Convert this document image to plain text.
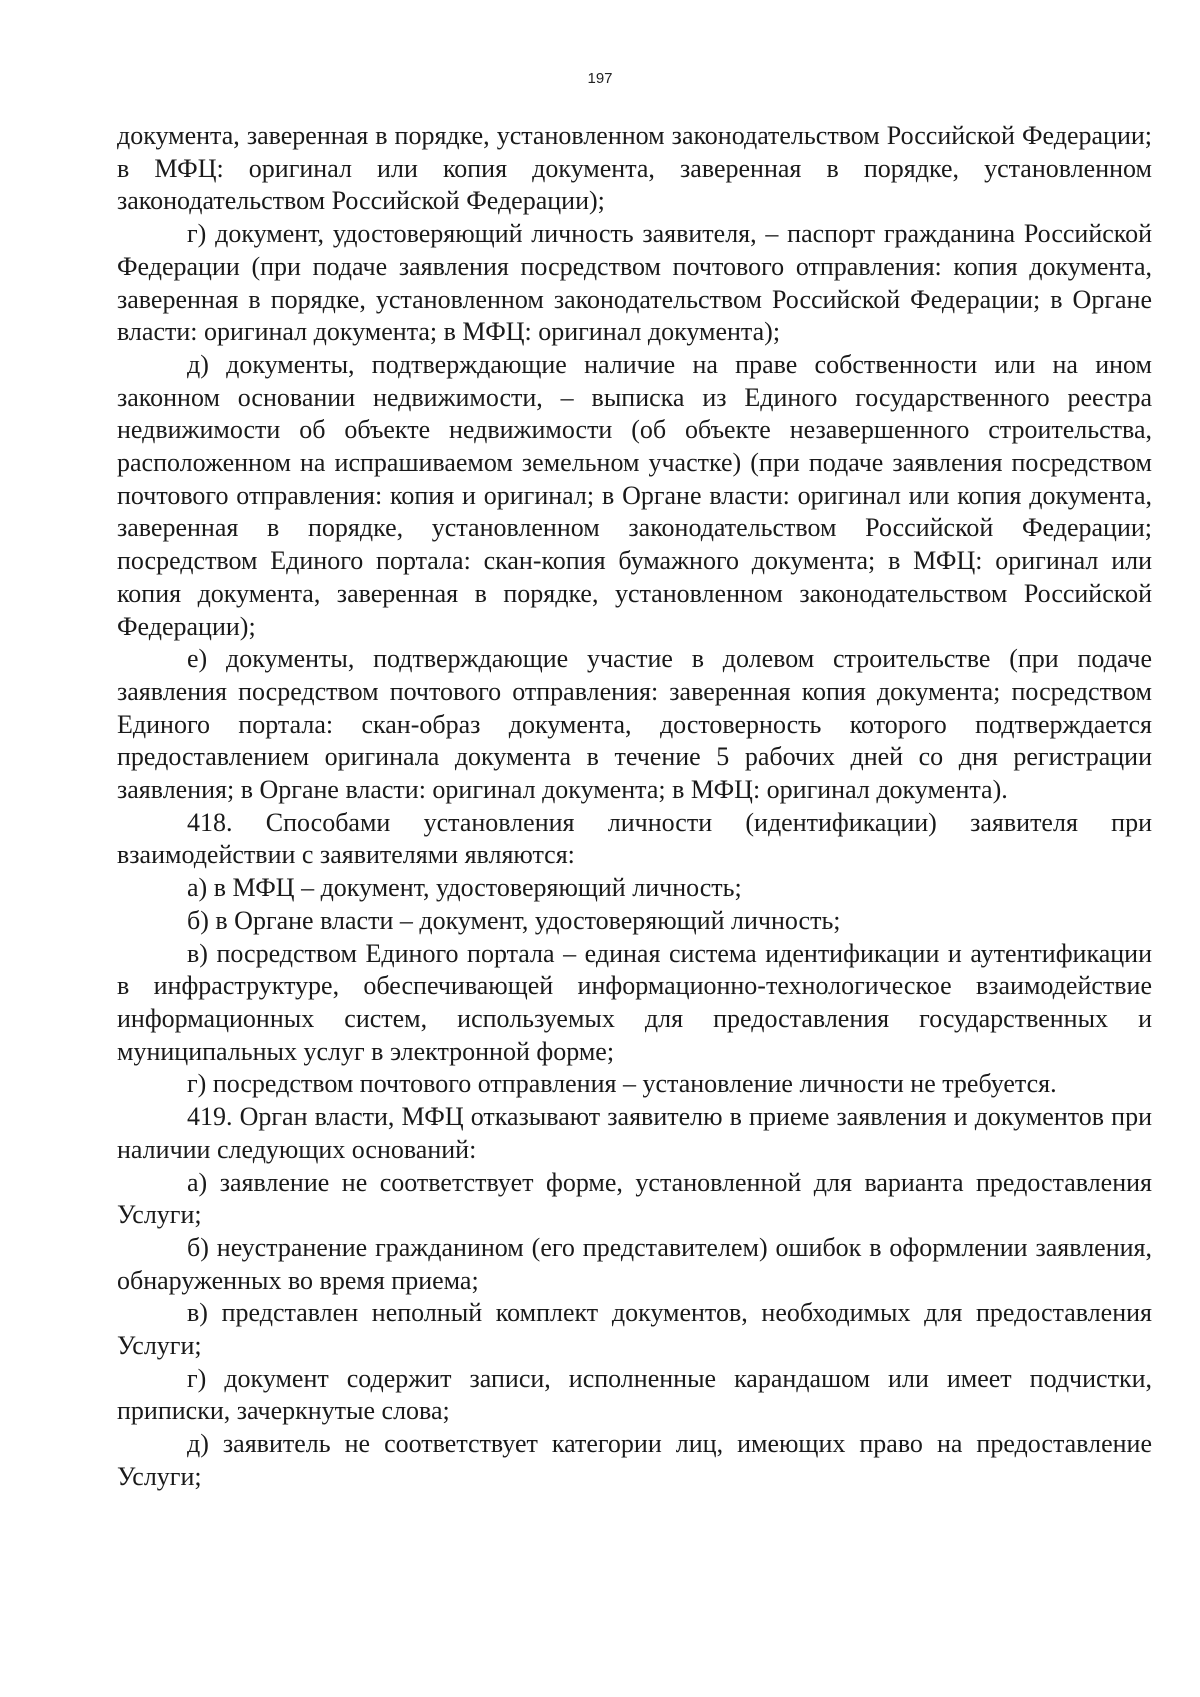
197

документа, заверенная в порядке, установленном законодательством Российской Федерации; в МФЦ: оригинал или копия документа, заверенная в порядке, установленном законодательством Российской Федерации);

г) документ, удостоверяющий личность заявителя, – паспорт гражданина Российской Федерации (при подаче заявления посредством почтового отправления: копия документа, заверенная в порядке, установленном законодательством Российской Федерации; в Органе власти: оригинал документа; в МФЦ: оригинал документа);

д) документы, подтверждающие наличие на праве собственности или на ином законном основании недвижимости, – выписка из Единого государственного реестра недвижимости об объекте недвижимости (об объекте незавершенного строительства, расположенном на испрашиваемом земельном участке) (при подаче заявления посредством почтового отправления: копия и оригинал; в Органе власти: оригинал или копия документа, заверенная в порядке, установленном законодательством Российской Федерации; посредством Единого портала: скан-копия бумажного документа; в МФЦ: оригинал или копия документа, заверенная в порядке, установленном законодательством Российской Федерации);

е) документы, подтверждающие участие в долевом строительстве (при подаче заявления посредством почтового отправления: заверенная копия документа; посредством Единого портала: скан-образ документа, достоверность которого подтверждается предоставлением оригинала документа в течение 5 рабочих дней со дня регистрации заявления; в Органе власти: оригинал документа; в МФЦ: оригинал документа).

418. Способами установления личности (идентификации) заявителя при взаимодействии с заявителями являются:

а) в МФЦ – документ, удостоверяющий личность;

б) в Органе власти – документ, удостоверяющий личность;

в) посредством Единого портала – единая система идентификации и аутентификации в инфраструктуре, обеспечивающей информационно-технологическое взаимодействие информационных систем, используемых для предоставления государственных и муниципальных услуг в электронной форме;

г) посредством почтового отправления – установление личности не требуется.

419. Орган власти, МФЦ отказывают заявителю в приеме заявления и документов при наличии следующих оснований:

а) заявление не соответствует форме, установленной для варианта предоставления Услуги;

б) неустранение гражданином (его представителем) ошибок в оформлении заявления, обнаруженных во время приема;

в) представлен неполный комплект документов, необходимых для предоставления Услуги;

г) документ содержит записи, исполненные карандашом или имеет подчистки, приписки, зачеркнутые слова;

д) заявитель не соответствует категории лиц, имеющих право на предоставление Услуги;
